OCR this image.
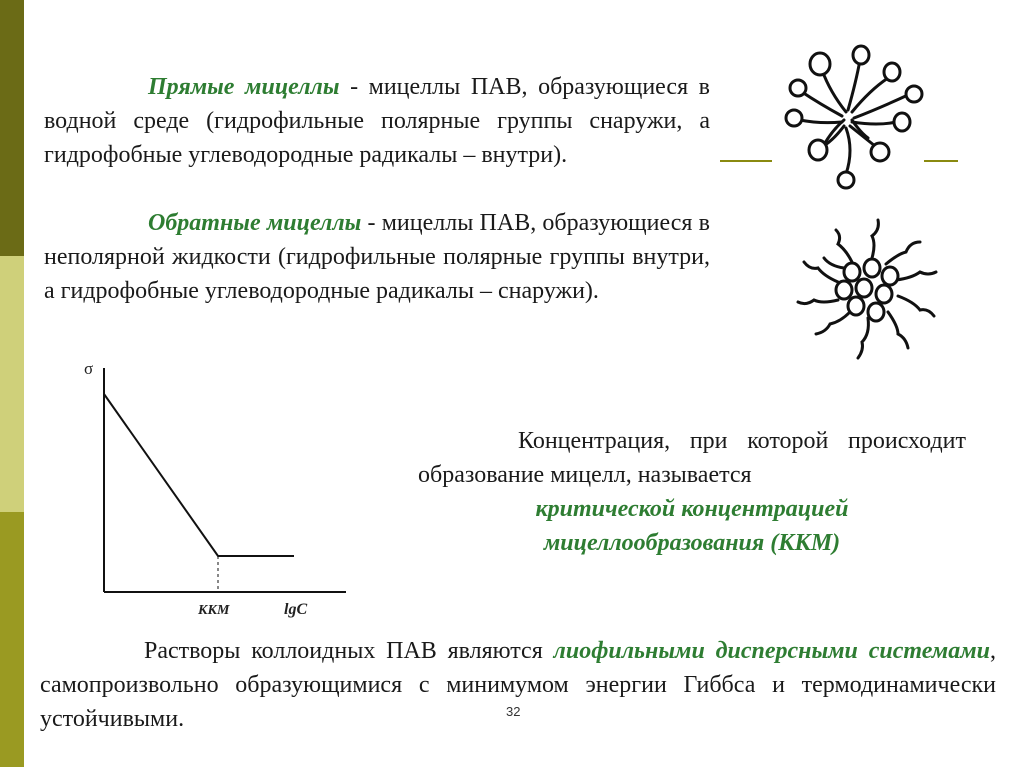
Прямые мицеллы - мицеллы ПАВ, образующиеся в водной среде (гидрофильные полярные группы снаружи, а гидрофобные углеводородные радикалы – внутри).

Обратные мицеллы - мицеллы ПАВ, образующиеся в неполярной жидкости (гидрофильные полярные группы внутри, а гидрофобные углеводородные радикалы – снаружи).

σ
ККМ	lgC

Концентрация, при которой происходит образование мицелл, называется
критической концентрацией
мицеллообразования (ККМ)

Растворы коллоидных ПАВ являются лиофильными дисперсными системами, самопроизвольно образующимися с минимумом энергии Гиббса и термодинамически устойчивыми.	32
